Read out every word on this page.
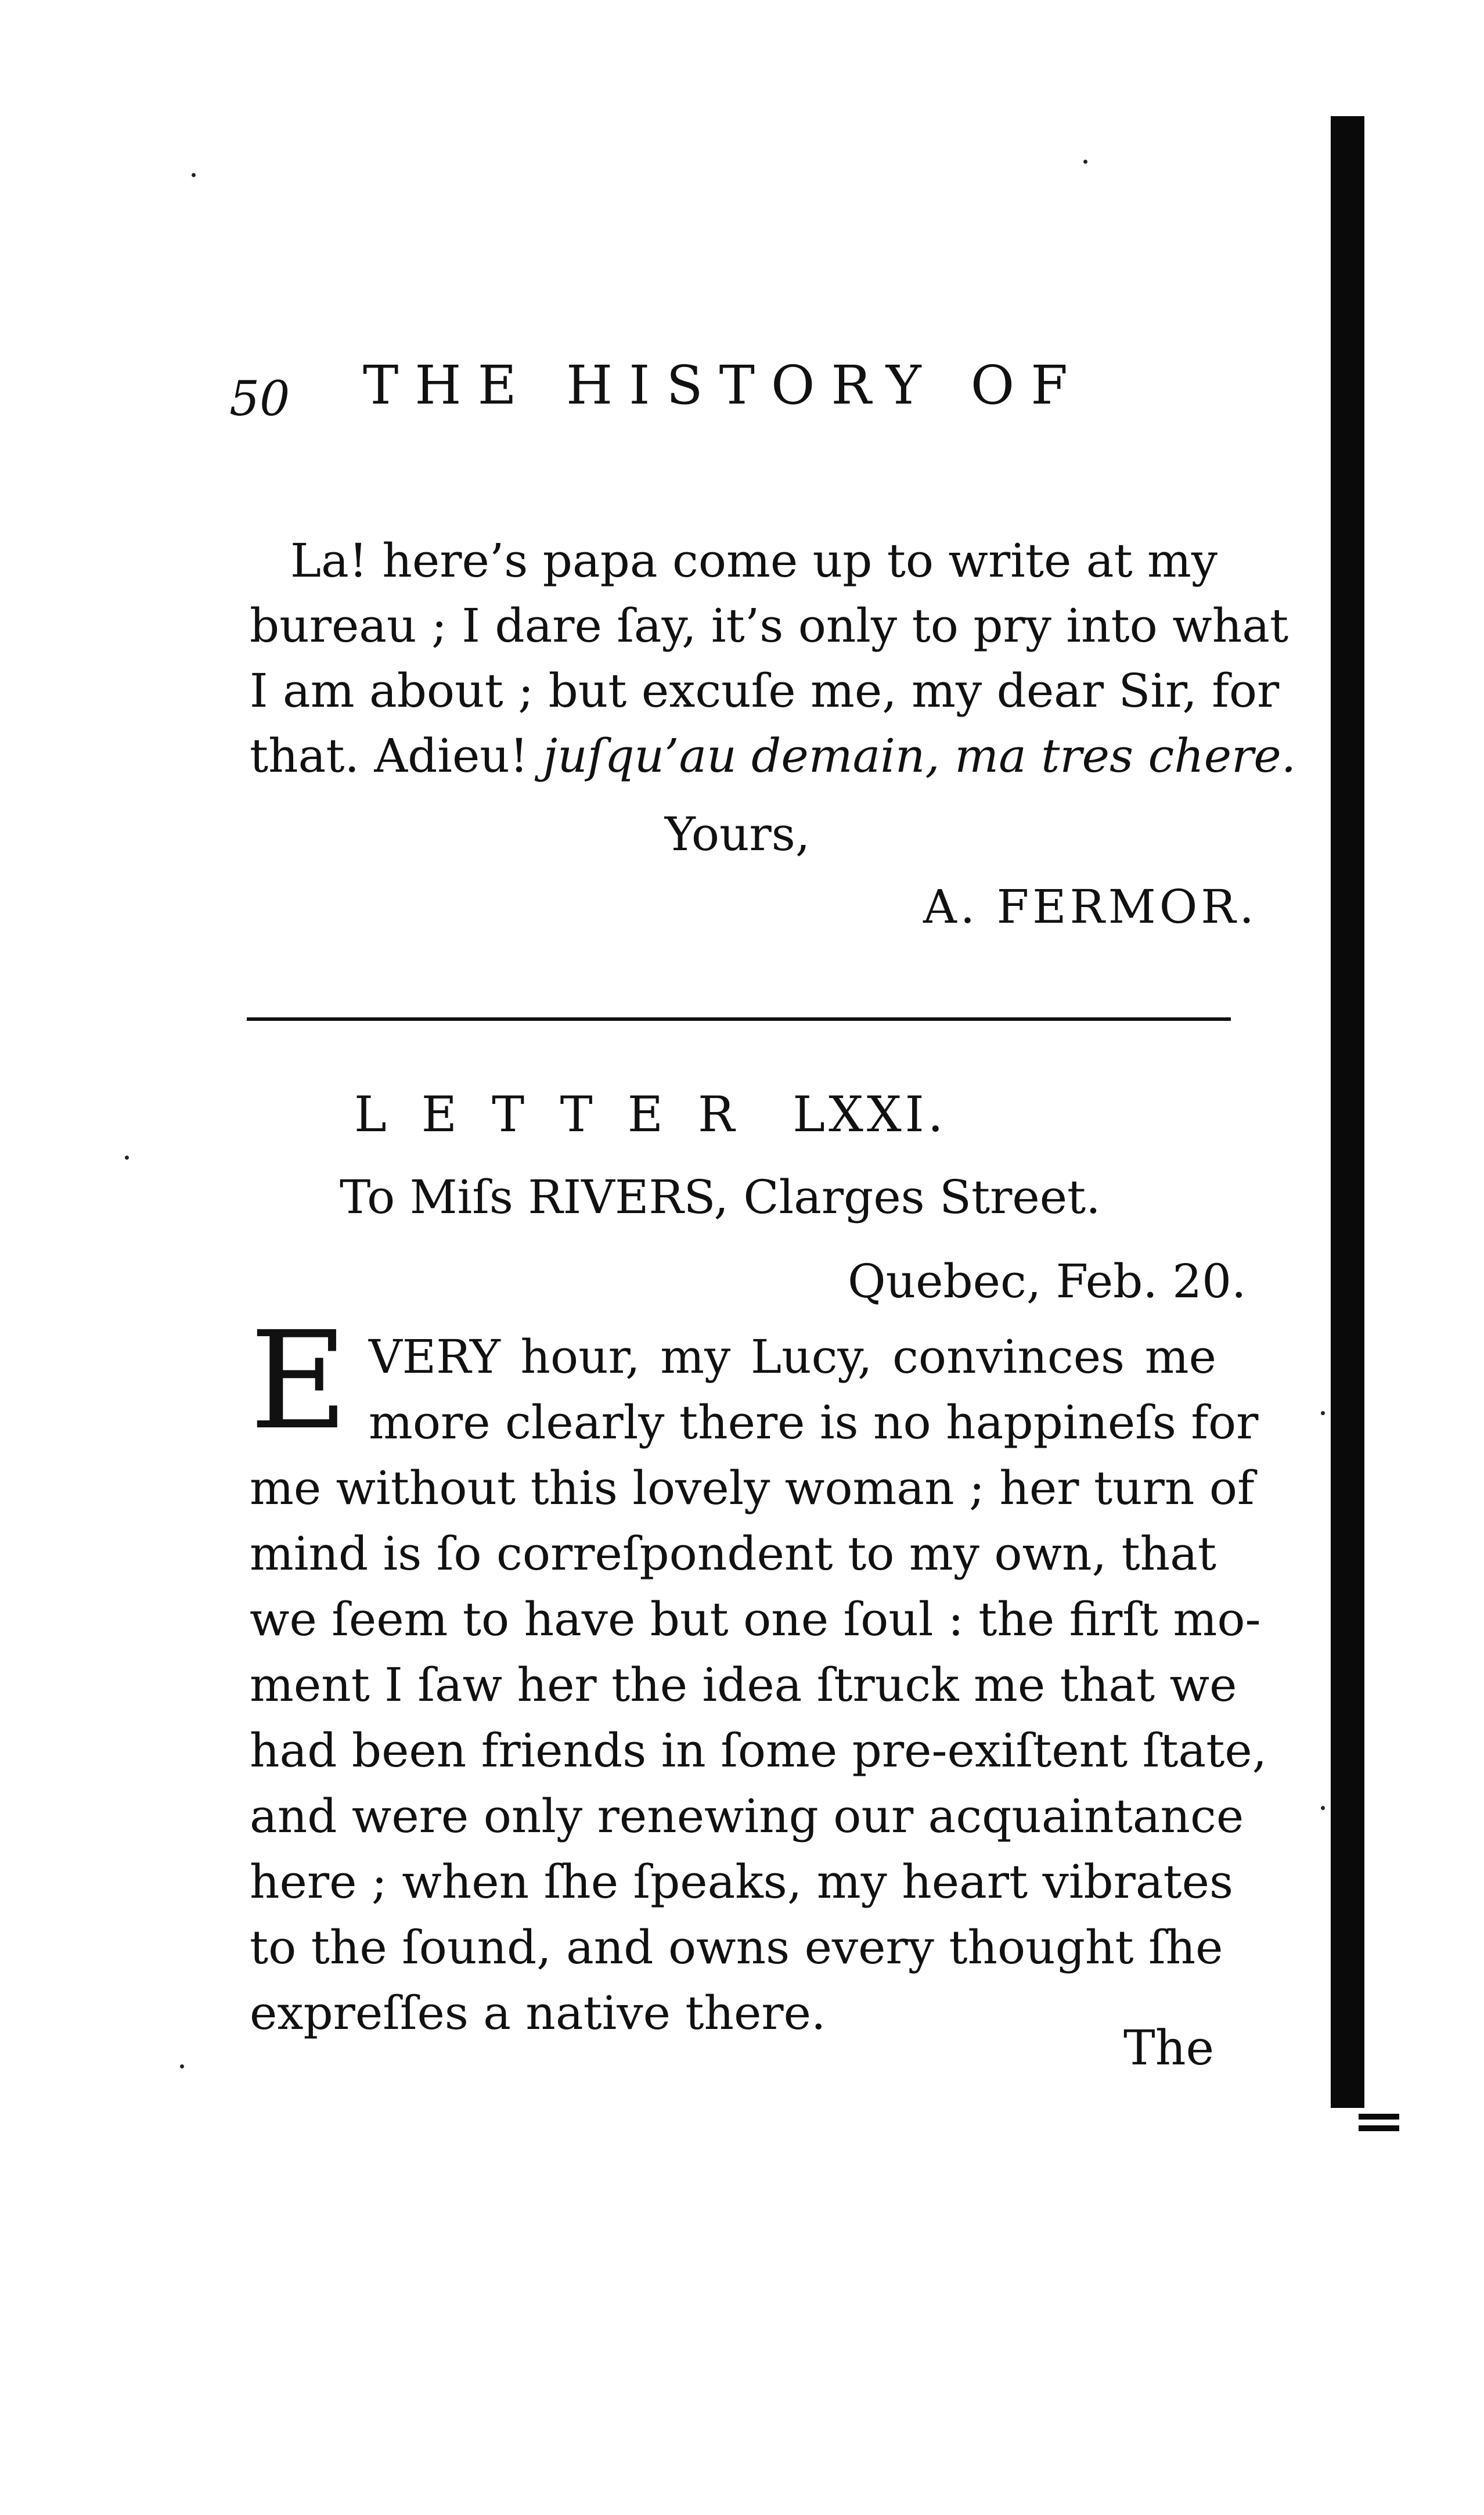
50 THE HISTORY OF
La! here’s papa come up to write at my
bureau ; I dare ſay, it’s only to pry into what
I am about ; but excuſe me, my dear Sir, for
that. Adieu! juſqu’au demain, ma tres chere.
Yours,
A. FERMOR.
LETTER LXXI.
To Miſs RIVERS, Clarges Street.
Quebec, Feb. 20.
E VERY hour, my Lucy, convinces me
more clearly there is no happineſs for
me without this lovely woman ; her turn of
mind is ſo correſpondent to my own, that
we ſeem to have but one ſoul : the firſt mo-
ment I ſaw her the idea ſtruck me that we
had been friends in ſome pre-exiſtent ſtate,
and were only renewing our acquaintance
here ; when ſhe ſpeaks, my heart vibrates
to the ſound, and owns every thought ſhe
expreſſes a native there.
The
